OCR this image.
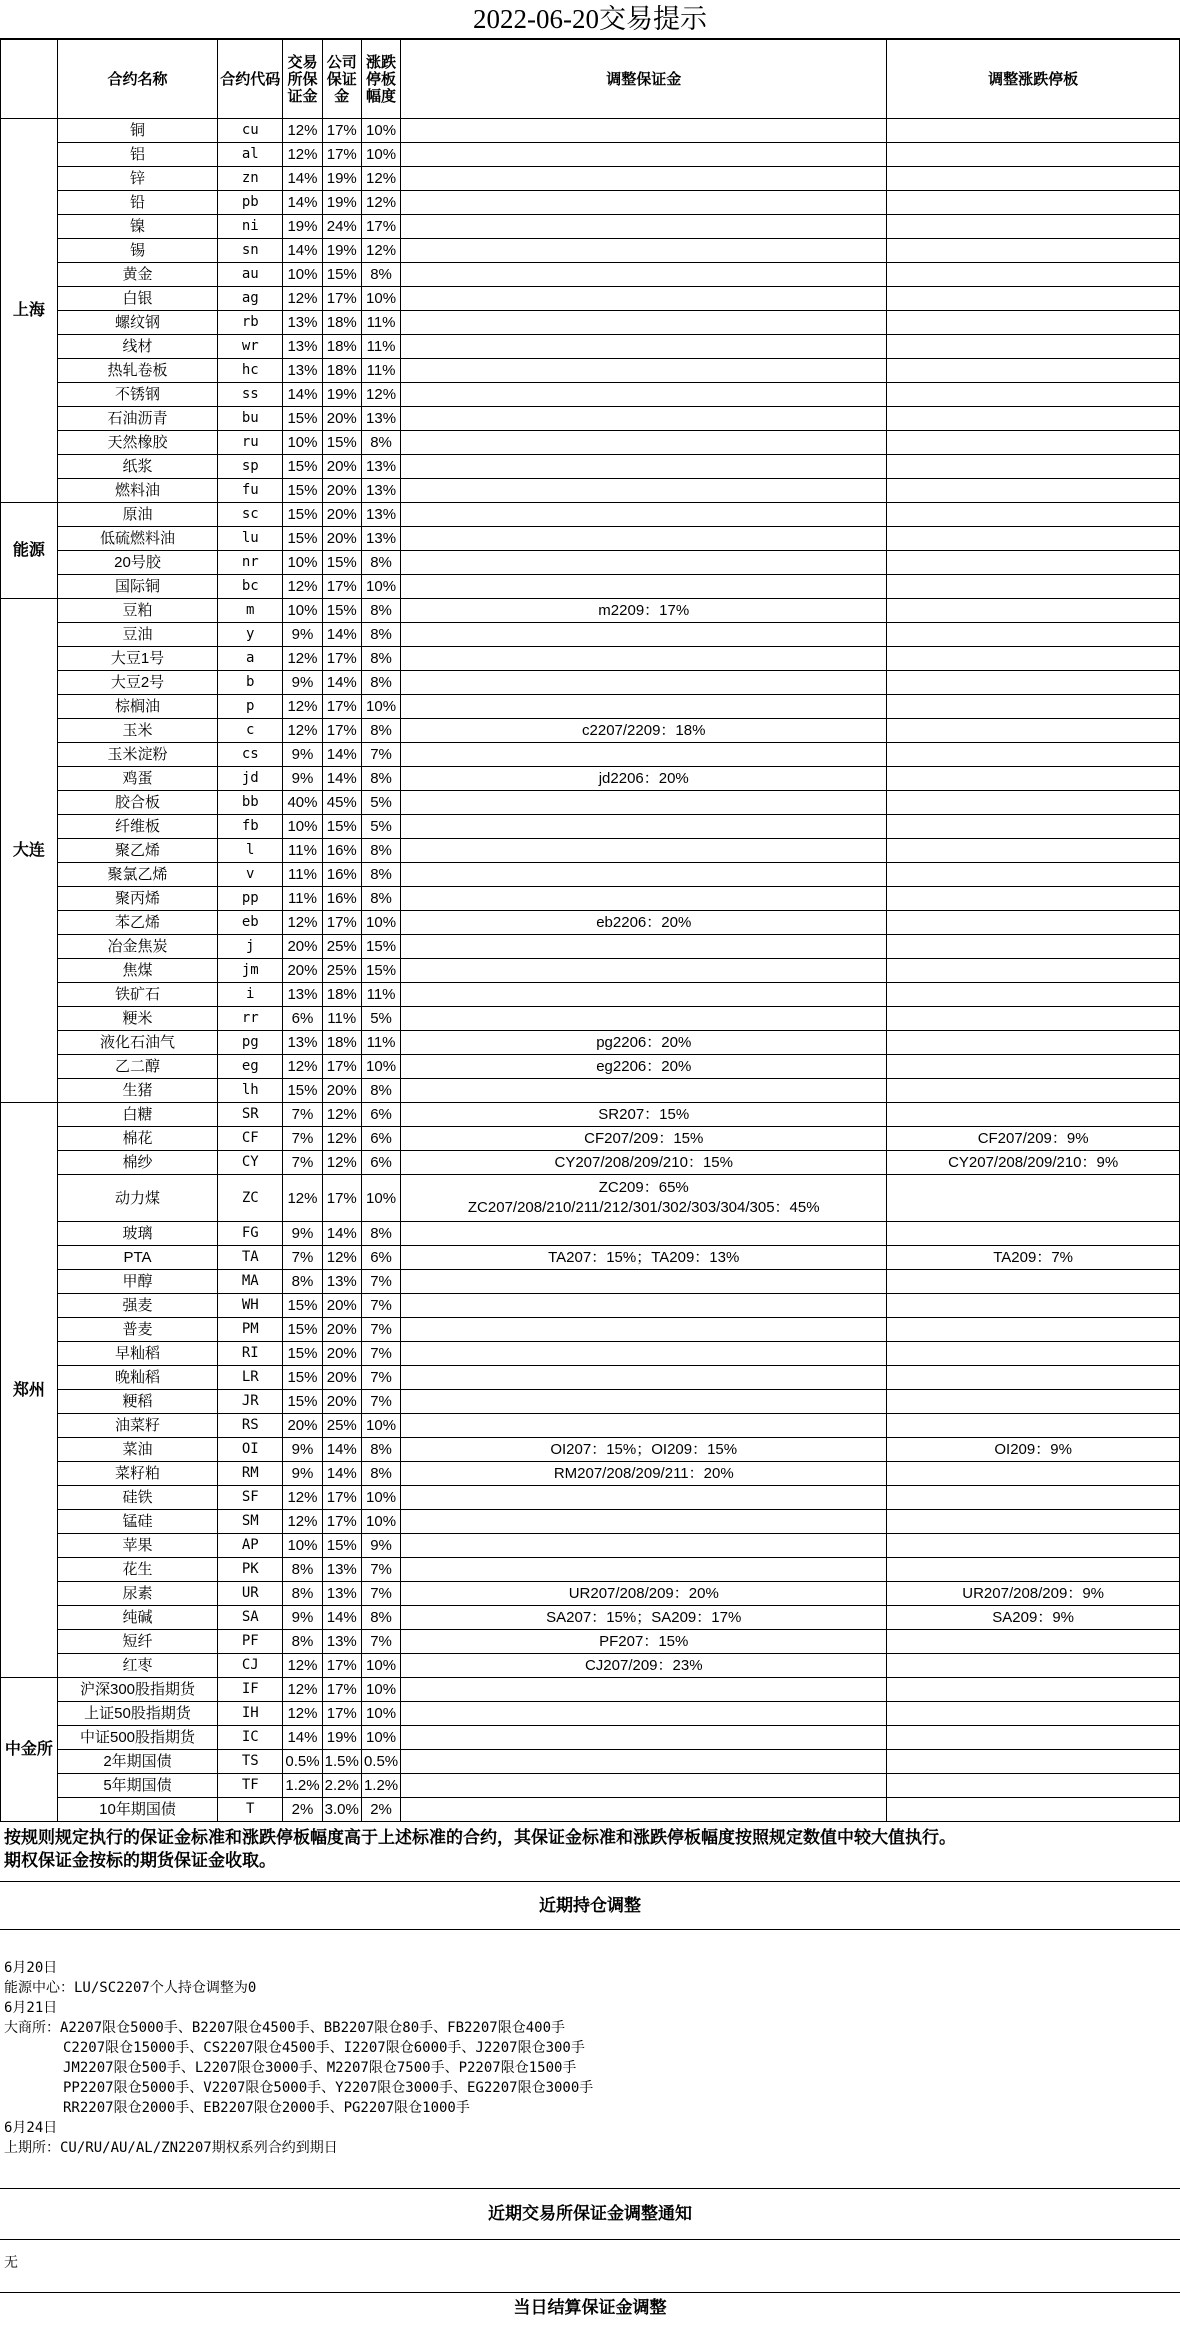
2022-06-20交易提示
	合约名称	合约代码	交易所保证金	公司保证金	涨跌停板幅度	调整保证金	调整涨跌停板
上海	铜	cu	12%	17%	10%		
	铝	al	12%	17%	10%		
	锌	zn	14%	19%	12%		
	铅	pb	14%	19%	12%		
	镍	ni	19%	24%	17%		
	锡	sn	14%	19%	12%		
	黄金	au	10%	15%	8%		
	白银	ag	12%	17%	10%		
	螺纹钢	rb	13%	18%	11%		
	线材	wr	13%	18%	11%		
	热轧卷板	hc	13%	18%	11%		
	不锈钢	ss	14%	19%	12%		
	石油沥青	bu	15%	20%	13%		
	天然橡胶	ru	10%	15%	8%		
	纸浆	sp	15%	20%	13%		
	燃料油	fu	15%	20%	13%		
能源	原油	sc	15%	20%	13%		
	低硫燃料油	lu	15%	20%	13%		
	20号胶	nr	10%	15%	8%		
	国际铜	bc	12%	17%	10%		
大连	豆粕	m	10%	15%	8%	m2209：17%	
	豆油	y	9%	14%	8%		
	大豆1号	a	12%	17%	8%		
	大豆2号	b	9%	14%	8%		
	棕榈油	p	12%	17%	10%		
	玉米	c	12%	17%	8%	c2207/2209：18%	
	玉米淀粉	cs	9%	14%	7%		
	鸡蛋	jd	9%	14%	8%	jd2206：20%	
	胶合板	bb	40%	45%	5%		
	纤维板	fb	10%	15%	5%		
	聚乙烯	l	11%	16%	8%		
	聚氯乙烯	v	11%	16%	8%		
	聚丙烯	pp	11%	16%	8%		
	苯乙烯	eb	12%	17%	10%	eb2206：20%	
	冶金焦炭	j	20%	25%	15%		
	焦煤	jm	20%	25%	15%		
	铁矿石	i	13%	18%	11%		
	粳米	rr	6%	11%	5%		
	液化石油气	pg	13%	18%	11%	pg2206：20%	
	乙二醇	eg	12%	17%	10%	eg2206：20%	
	生猪	lh	15%	20%	8%		
郑州	白糖	SR	7%	12%	6%	SR207：15%	
	棉花	CF	7%	12%	6%	CF207/209：15%	CF207/209：9%
	棉纱	CY	7%	12%	6%	CY207/208/209/210：15%	CY207/208/209/210：9%
	动力煤	ZC	12%	17%	10%	ZC209：65%
ZC207/208/210/211/212/301/302/303/304/305：45%	

	玻璃	FG	9%	14%	8%		
	PTA	TA	7%	12%	6%	TA207：15%；TA209：13%	TA209：7%
	甲醇	MA	8%	13%	7%		
	强麦	WH	15%	20%	7%		
	普麦	PM	15%	20%	7%		
	早籼稻	RI	15%	20%	7%		
	晚籼稻	LR	15%	20%	7%		
	粳稻	JR	15%	20%	7%		
	油菜籽	RS	20%	25%	10%		
	菜油	OI	9%	14%	8%	OI207：15%；OI209：15%	OI209：9%
	菜籽粕	RM	9%	14%	8%	RM207/208/209/211：20%	
	硅铁	SF	12%	17%	10%		
	锰硅	SM	12%	17%	10%		
	苹果	AP	10%	15%	9%		
	花生	PK	8%	13%	7%		
	尿素	UR	8%	13%	7%	UR207/208/209：20%	UR207/208/209：9%
	纯碱	SA	9%	14%	8%	SA207：15%；SA209：17%	SA209：9%
	短纤	PF	8%	13%	7%	PF207：15%	
	红枣	CJ	12%	17%	10%	CJ207/209：23%	
中金所	沪深300股指期货	IF	12%	17%	10%		
	上证50股指期货	IH	12%	17%	10%		
	中证500股指期货	IC	14%	19%	10%		
	2年期国债	TS	0.5%	1.5%	0.5%		
	5年期国债	TF	1.2%	2.2%	1.2%		
	10年期国债	T	2%	3.0%	2%		
按规则规定执行的保证金标准和涨跌停板幅度高于上述标准的合约，其保证金标准和涨跌停板幅度按照规定数值中较大值执行。
期权保证金按标的期货保证金收取。
近期持仓调整
6月20日
能源中心：LU/SC2207个人持仓调整为0
6月21日
大商所：A2207限仓5000手、B2207限仓4500手、BB2207限仓80手、FB2207限仓400手
C2207限仓15000手、CS2207限仓4500手、I2207限仓6000手、J2207限仓300手
JM2207限仓500手、L2207限仓3000手、M2207限仓7500手、P2207限仓1500手
PP2207限仓5000手、V2207限仓5000手、Y2207限仓3000手、EG2207限仓3000手
RR2207限仓2000手、EB2207限仓2000手、PG2207限仓1000手
6月24日
上期所：CU/RU/AU/AL/ZN2207期权系列合约到期日
近期交易所保证金调整通知
无
当日结算保证金调整
